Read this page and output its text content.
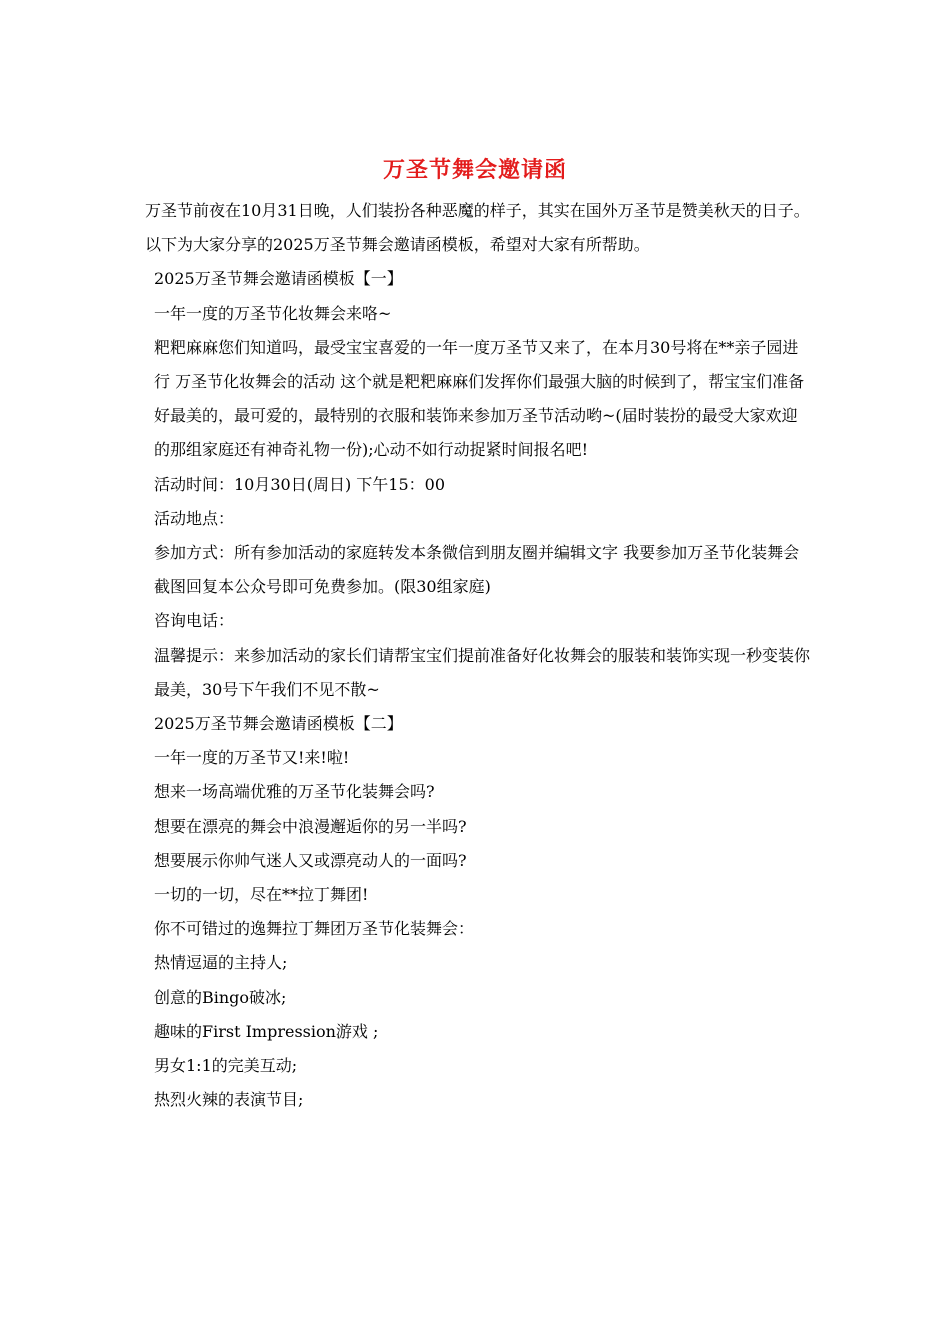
万圣节舞会邀请函

万圣节前夜在10月31日晚，人们装扮各种恶魔的样子，其实在国外万圣节是赞美秋天的日子。以下为大家分享的2025万圣节舞会邀请函模板，希望对大家有所帮助。

2025万圣节舞会邀请函模板【一】

一年一度的万圣节化妆舞会来咯~

粑粑麻麻您们知道吗，最受宝宝喜爱的一年一度万圣节又来了，在本月30号将在**亲子园进行 万圣节化妆舞会的活动 这个就是粑粑麻麻们发挥你们最强大脑的时候到了，帮宝宝们准备好最美的，最可爱的，最特别的衣服和装饰来参加万圣节活动哟~(届时装扮的最受大家欢迎的那组家庭还有神奇礼物一份);心动不如行动捉紧时间报名吧!

活动时间：10月30日(周日) 下午15：00

活动地点：

参加方式：所有参加活动的家庭转发本条微信到朋友圈并编辑文字 我要参加万圣节化装舞会 截图回复本公众号即可免费参加。(限30组家庭)

咨询电话：

温馨提示：来参加活动的家长们请帮宝宝们提前准备好化妆舞会的服装和装饰实现一秒变装你最美，30号下午我们不见不散~

2025万圣节舞会邀请函模板【二】

一年一度的万圣节又!来!啦!

想来一场高端优雅的万圣节化装舞会吗?

想要在漂亮的舞会中浪漫邂逅你的另一半吗?

想要展示你帅气迷人又或漂亮动人的一面吗?

一切的一切，尽在**拉丁舞团!

你不可错过的逸舞拉丁舞团万圣节化装舞会：

热情逗逼的主持人;

创意的Bingo破冰;

趣味的First Impression游戏 ;

男女1:1的完美互动;

热烈火辣的表演节目;
